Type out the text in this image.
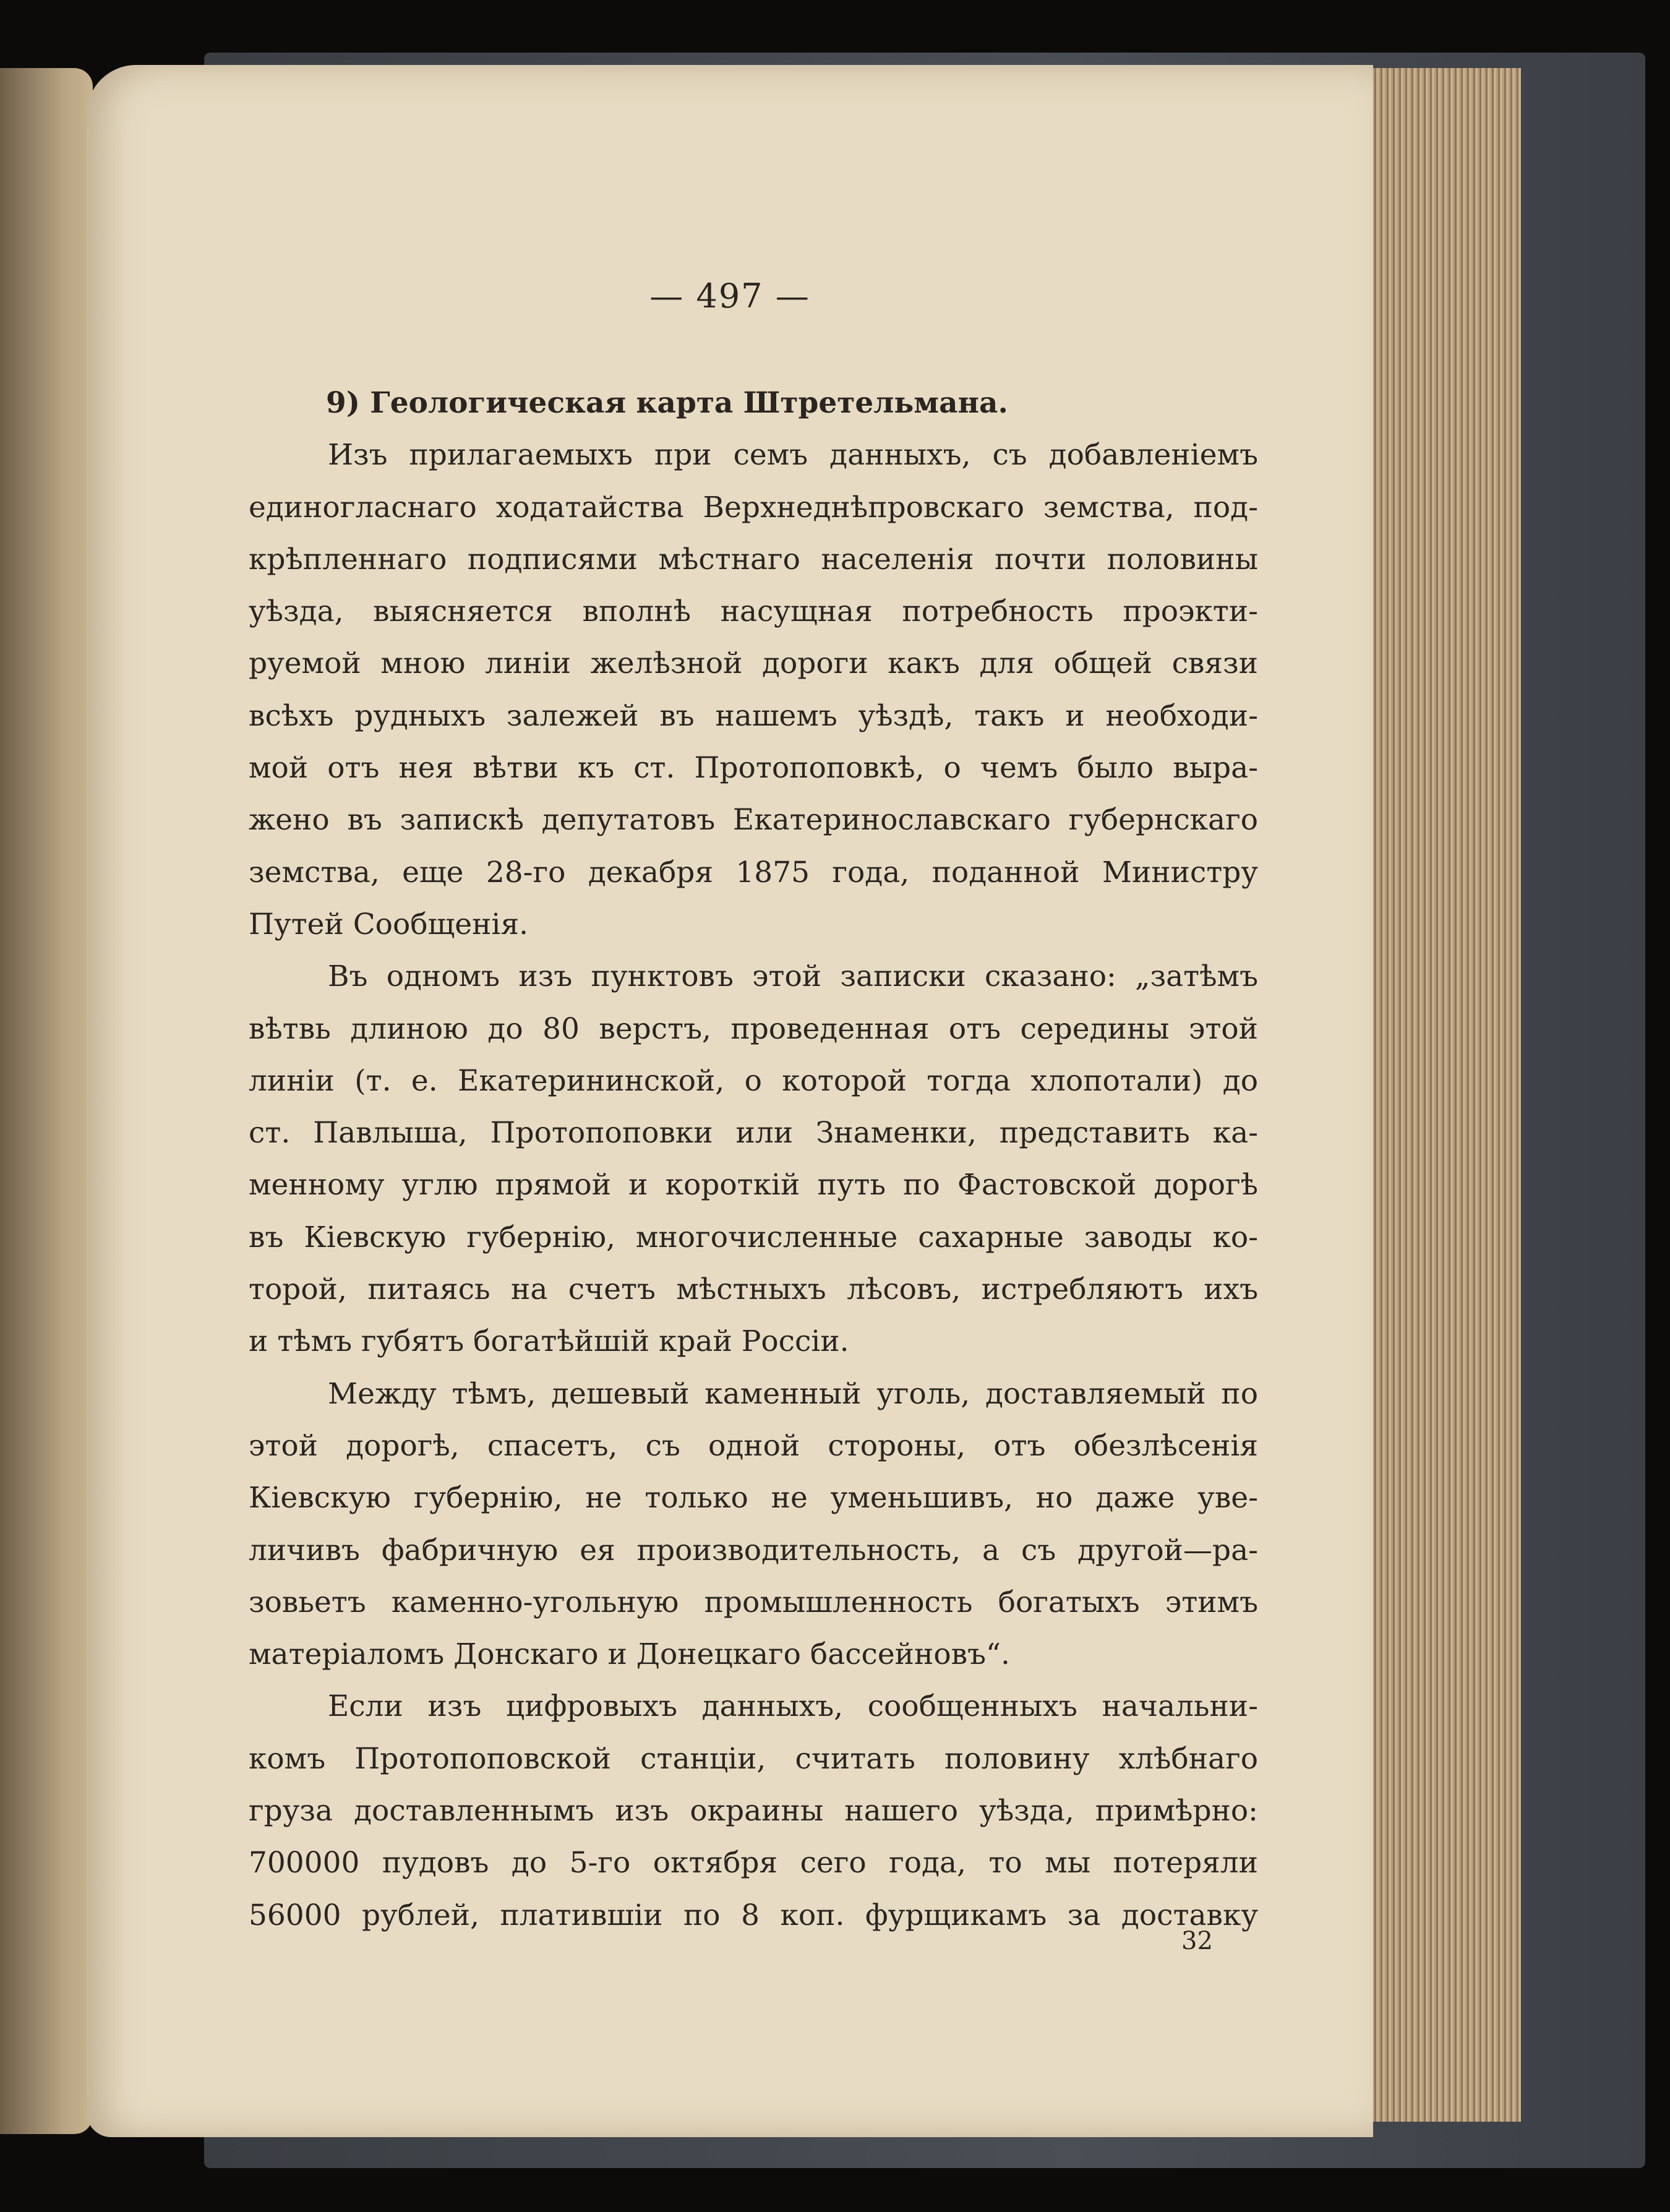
— 497 —
9) Геологическая карта Штретельмана.
Изъ прилагаемыхъ при семъ данныхъ, съ добавленіемъ
единогласнаго ходатайства Верхнеднѣпровскаго земства, под-
крѣпленнаго подписями мѣстнаго населенія почти половины
уѣзда, выясняется вполнѣ насущная потребность проэкти-
руемой мною линіи желѣзной дороги какъ для общей связи
всѣхъ рудныхъ залежей въ нашемъ уѣздѣ, такъ и необходи-
мой отъ нея вѣтви къ ст. Протопоповкѣ, о чемъ было выра-
жено въ запискѣ депутатовъ Екатеринославскаго губернскаго
земства, еще 28-го декабря 1875 года, поданной Министру
Путей Сообщенія.
Въ одномъ изъ пунктовъ этой записки сказано: „затѣмъ
вѣтвь длиною до 80 верстъ, проведенная отъ середины этой
линіи (т. е. Екатерининской, о которой тогда хлопотали) до
ст. Павлыша, Протопоповки или Знаменки, представить ка-
менному углю прямой и короткій путь по Фастовской дорогѣ
въ Кіевскую губернію, многочисленные сахарные заводы ко-
торой, питаясь на счетъ мѣстныхъ лѣсовъ, истребляютъ ихъ
и тѣмъ губятъ богатѣйшій край Россіи.
Между тѣмъ, дешевый каменный уголь, доставляемый по
этой дорогѣ, спасетъ, съ одной стороны, отъ обезлѣсенія
Кіевскую губернію, не только не уменьшивъ, но даже уве-
личивъ фабричную ея производительность, а съ другой—ра-
зовьетъ каменно-угольную промышленность богатыхъ этимъ
матеріаломъ Донскаго и Донецкаго бассейновъ“.
Если изъ цифровыхъ данныхъ, сообщенныхъ начальни-
комъ Протопоповской станціи, считать половину хлѣбнаго
груза доставленнымъ изъ окраины нашего уѣзда, примѣрно:
700000 пудовъ до 5-го октября сего года, то мы потеряли
56000 рублей, платившіи по 8 коп. фурщикамъ за доставку
32
